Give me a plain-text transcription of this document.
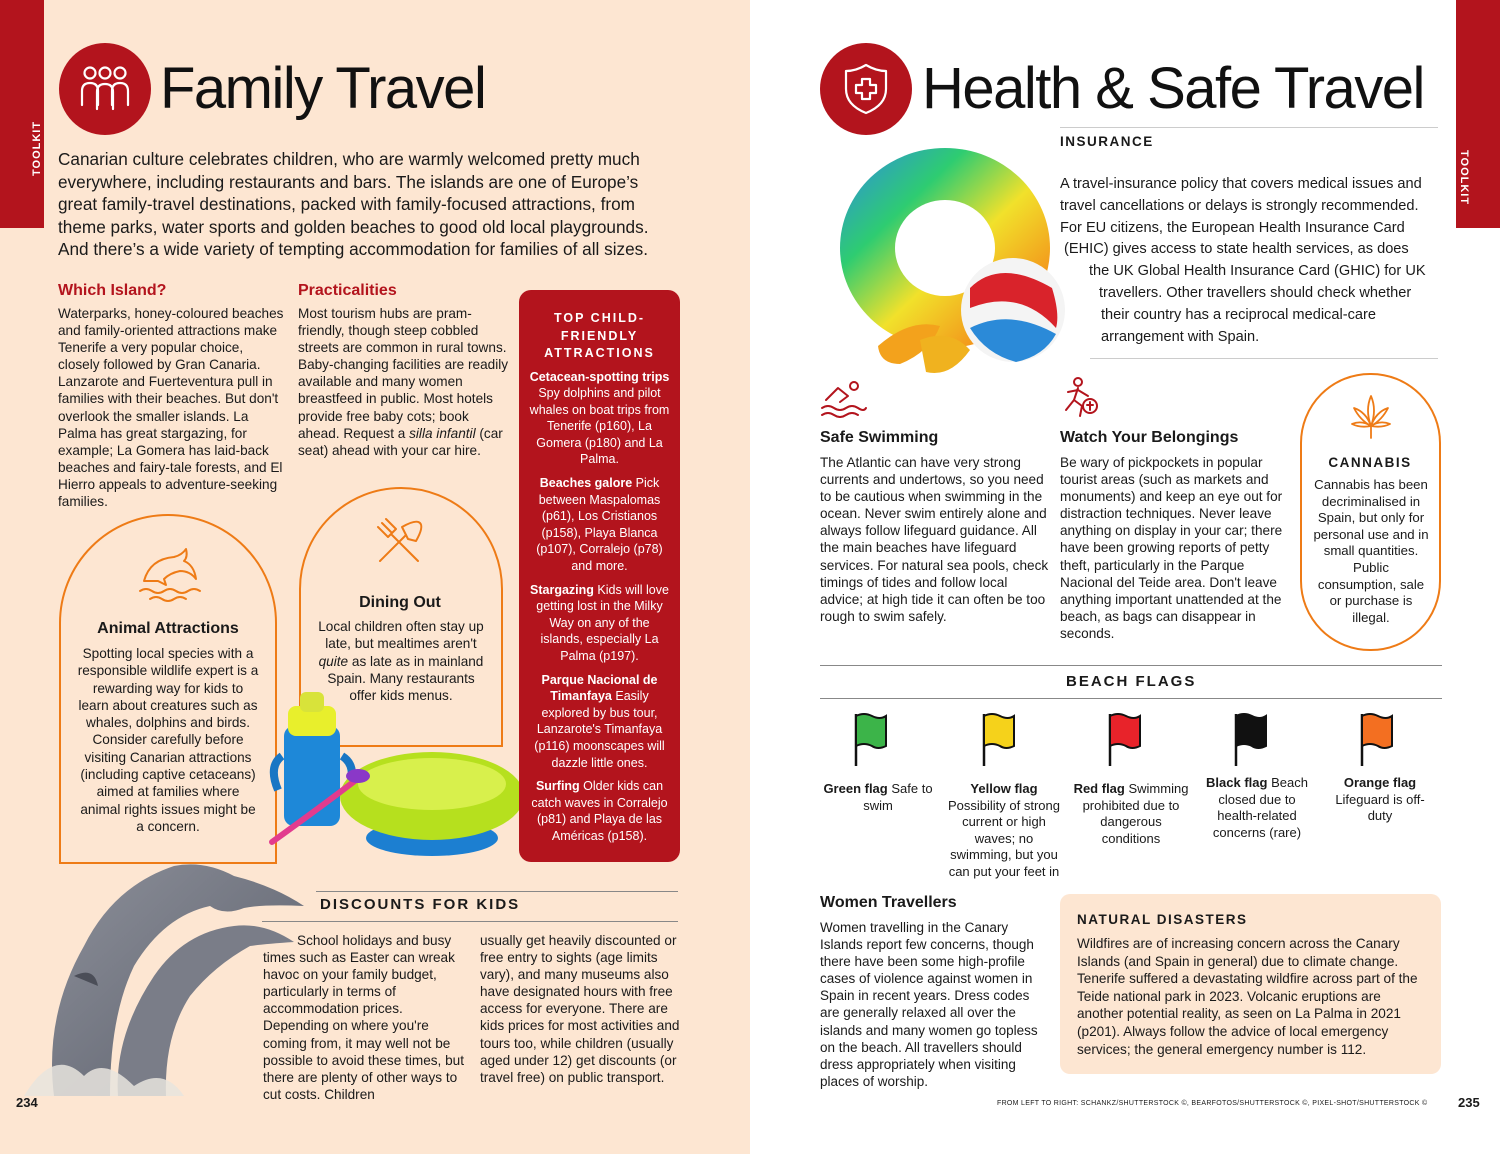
TOOLKIT
Family Travel

Canarian culture celebrates children, who are warmly welcomed pretty much everywhere, including restaurants and bars. The islands are one of Europe’s great family-travel destinations, packed with family-focused attractions, from theme parks, water sports and golden beaches to good old local playgrounds. And there’s a wide variety of tempting accommodation for families of all sizes.

Which Island?

Waterparks, honey-coloured beaches and family-oriented attractions make Tenerife a very popular choice, closely followed by Gran Canaria. Lanzarote and Fuerteventura pull in families with their beaches. But don't overlook the smaller islands. La Palma has great stargazing, for example; La Gomera has laid-back beaches and fairy-tale forests, and El Hierro appeals to adventure-seeking families.

Practicalities

Most tourism hubs are pram-friendly, though steep cobbled streets are common in rural towns. Baby-changing facilities are readily available and many women breastfeed in public. Most hotels provide free baby cots; book ahead. Request a silla infantil (car seat) ahead with your car hire.

Animal Attractions

Spotting local species with a responsible wildlife expert is a rewarding way for kids to learn about creatures such as whales, dolphins and birds. Consider carefully before visiting Canarian attractions (including captive cetaceans) aimed at families where animal rights issues might be a concern.

Dining Out

Local children often stay up late, but mealtimes aren't quite as late as in mainland Spain. Many restaurants offer kids menus.

TOP CHILD-FRIENDLY ATTRACTIONS
Cetacean-spotting trips Spy dolphins and pilot whales on boat trips from Tenerife (p160), La Gomera (p180) and La Palma.
Beaches galore Pick between Maspalomas (p61), Los Cristianos (p158), Playa Blanca (p107), Corralejo (p78) and more.
Stargazing Kids will love getting lost in the Milky Way on any of the islands, especially La Palma (p197).
Parque Nacional de Timanfaya Easily explored by bus tour, Lanzarote's Timanfaya (p116) moonscapes will dazzle little ones.
Surfing Older kids can catch waves in Corralejo (p81) and Playa de las Américas (p158).
DISCOUNTS FOR KIDS

School holidays and busy times such as Easter can wreak havoc on your family budget, particularly in terms of accommodation prices. Depending on where you're coming from, it may well not be possible to avoid these times, but there are plenty of other ways to cut costs. Children

usually get heavily discounted or free entry to sights (age limits vary), and many museums also have designated hours with free access for everyone. There are kids prices for most activities and tours too, while children (usually aged under 12) get discounts (or travel free) on public transport.

234
TOOLKIT
Health & Safe Travel
INSURANCE
A travel-insurance policy that covers medical issues and
travel cancellations or delays is strongly recommended.
For EU citizens, the European Health Insurance Card
(EHIC) gives access to state health services, as does
the UK Global Health Insurance Card (GHIC) for UK
travellers. Other travellers should check whether
their country has a reciprocal medical-care
arrangement with Spain.
Safe Swimming

The Atlantic can have very strong currents and undertows, so you need to be cautious when swimming in the ocean. Never swim entirely alone and always follow lifeguard guidance. All the main beaches have lifeguard services. For natural sea pools, check timings of tides and follow local advice; at high tide it can often be too rough to swim safely.

Watch Your Belongings

Be wary of pickpockets in popular tourist areas (such as markets and monuments) and keep an eye out for distraction techniques. Never leave anything on display in your car; there have been growing reports of petty theft, particularly in the Parque Nacional del Teide area. Don't leave anything important unattended at the beach, as bags can disappear in seconds.

CANNABIS

Cannabis has been decriminalised in Spain, but only for personal use and in small quantities. Public consumption, sale or purchase is illegal.

BEACH FLAGS

Green flag Safe to swim

Yellow flag Possibility of strong current or high waves; no swimming, but you can put your feet in

Red flag Swimming prohibited due to dangerous conditions

Black flag Beach closed due to health-related concerns (rare)

Orange flag Lifeguard is off-duty

Women Travellers

Women travelling in the Canary Islands report few concerns, though there have been some high-profile cases of violence against women in Spain in recent years. Dress codes are generally relaxed all over the islands and many women go topless on the beach. All travellers should dress appropriately when visiting places of worship.

NATURAL DISASTERS
Wildfires are of increasing concern across the Canary Islands (and Spain in general) due to climate change. Tenerife suffered a devastating wildfire across part of the Teide national park in 2023. Volcanic eruptions are another potential reality, as seen on La Palma in 2021 (p201). Always follow the advice of local emergency services; the general emergency number is 112.
FROM LEFT TO RIGHT: SCHANKZ/SHUTTERSTOCK ©, BEARFOTOS/SHUTTERSTOCK ©, PIXEL-SHOT/SHUTTERSTOCK © 235
